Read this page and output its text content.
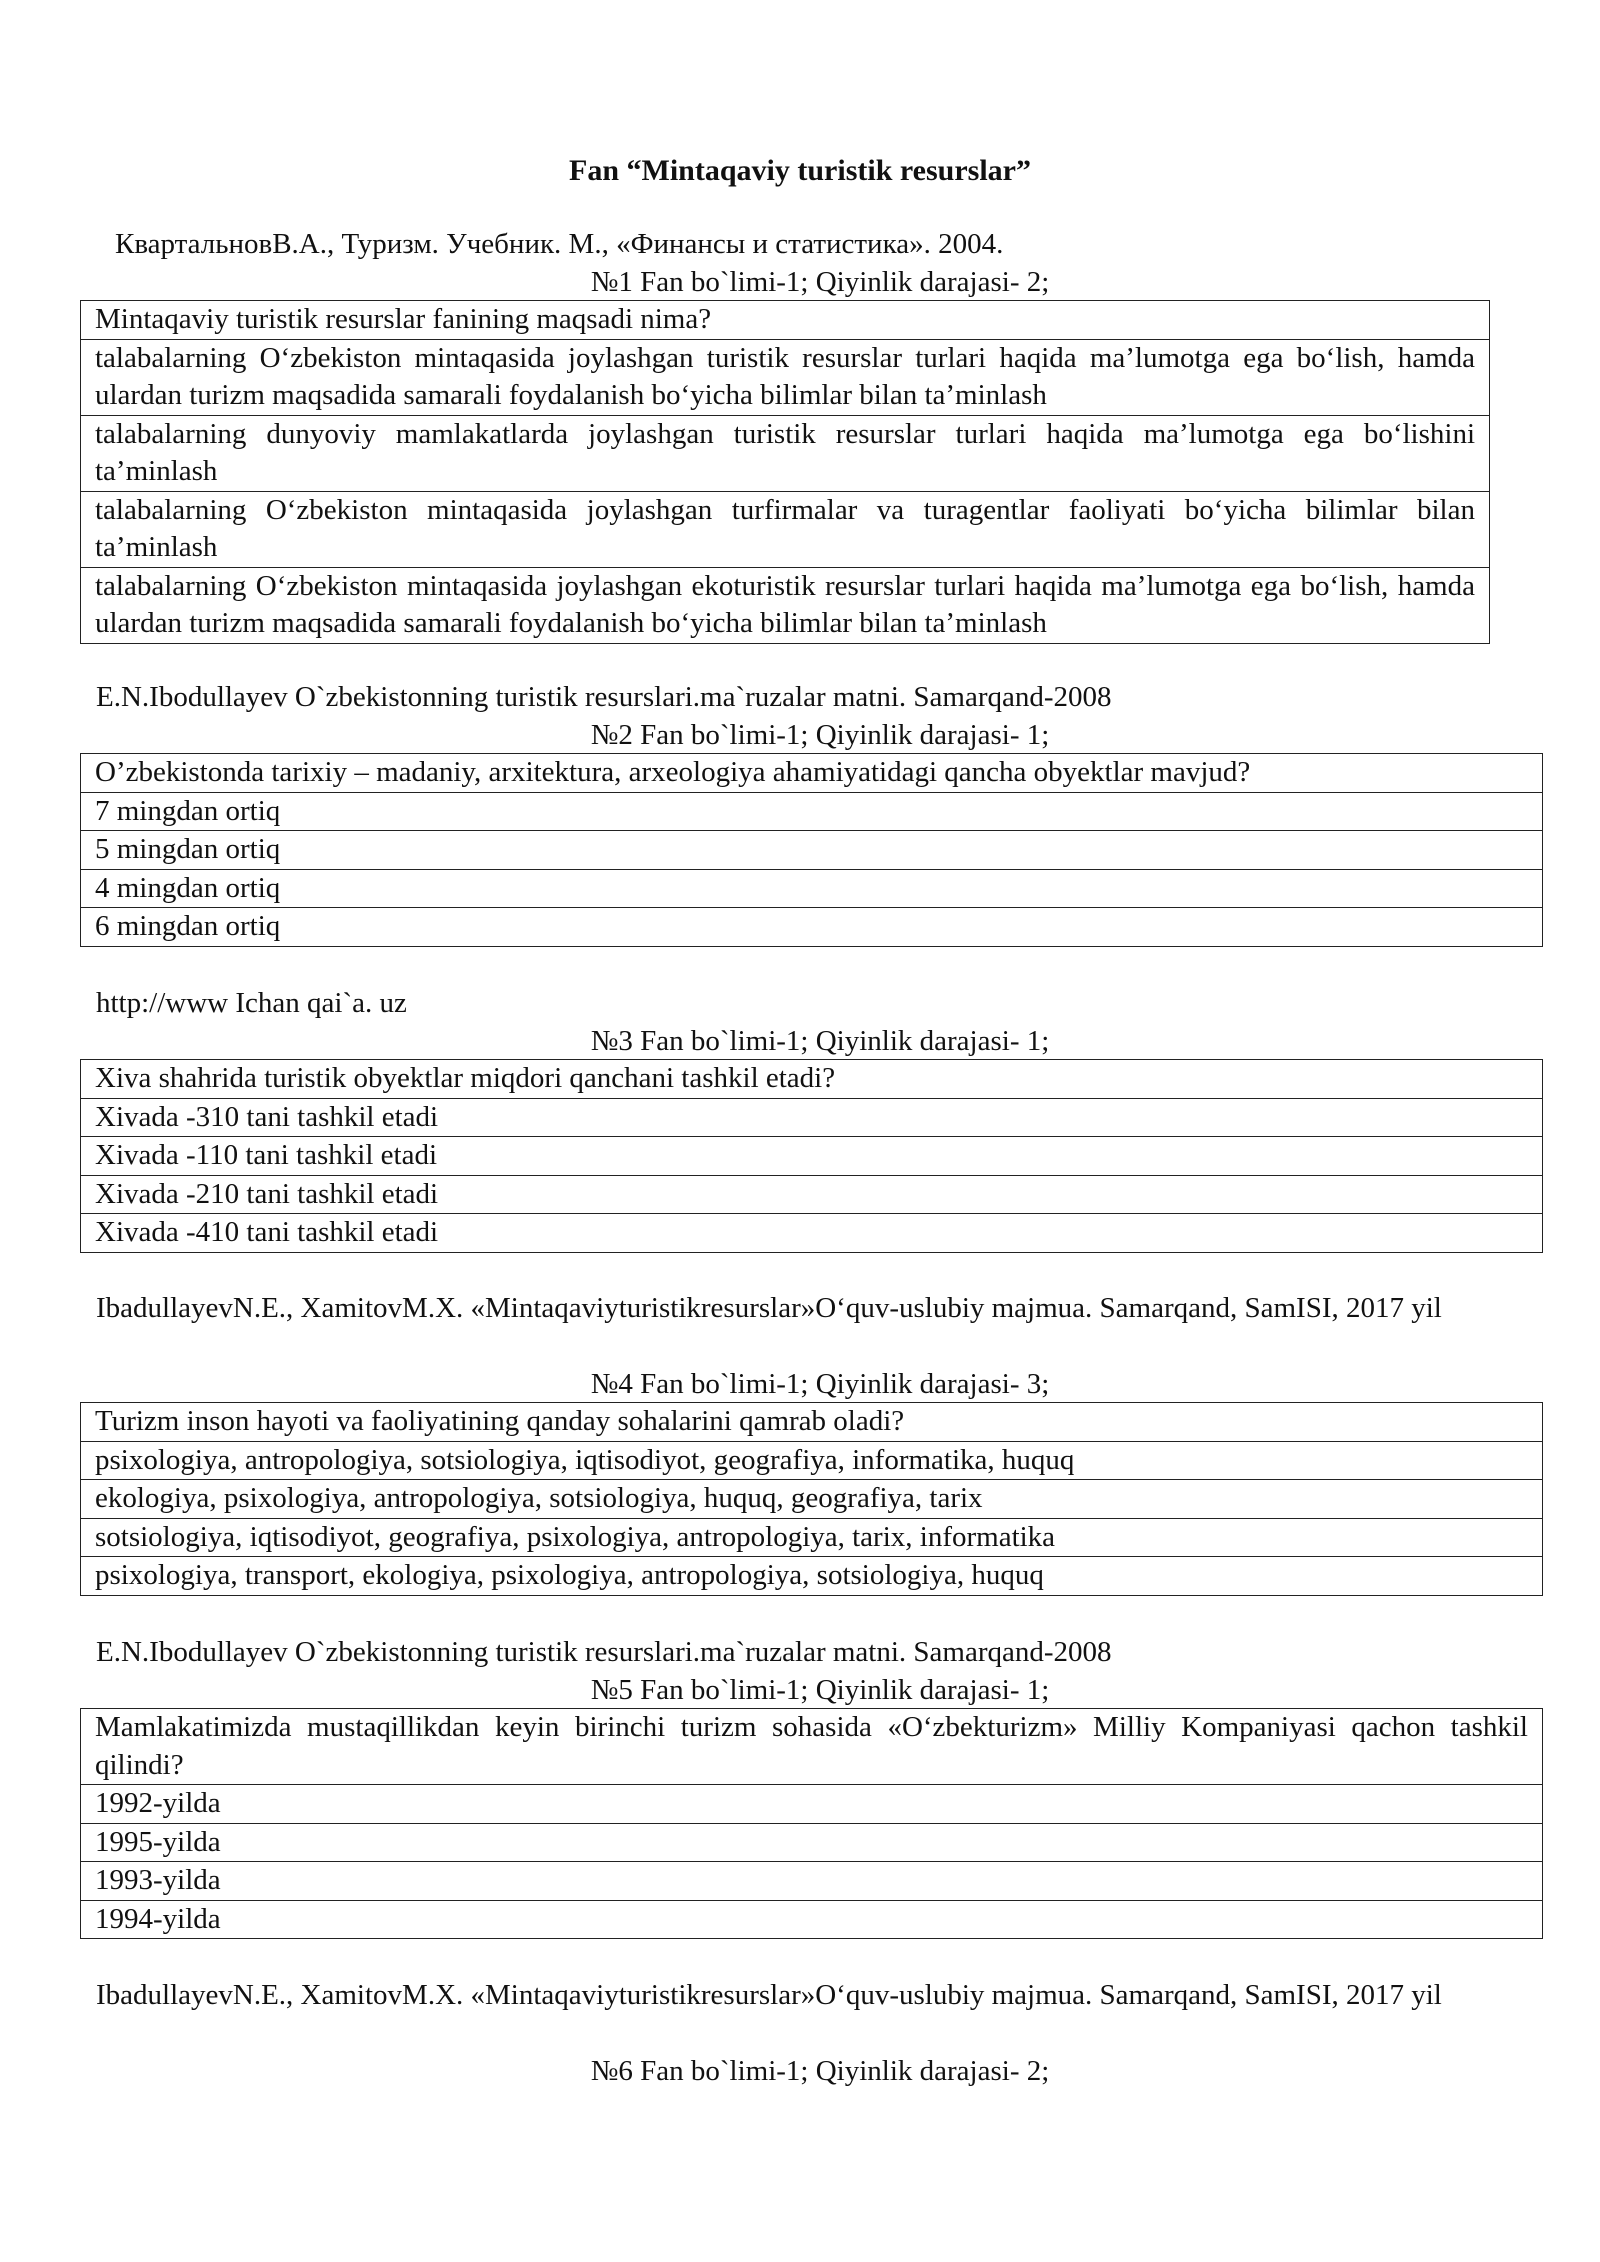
Fan “Mintaqaviy turistik resurslar”
КвартальновВ.А., Туризм. Учебник. М., «Финансы и статистика». 2004.
№1 Fan bo`limi-1; Qiyinlik darajasi- 2;
Mintaqaviy turistik resurslar fanining maqsadi nima?
talabalarning O‘zbekiston mintaqasida joylashgan turistik resurslar turlari haqida ma’lumotga ega bo‘lish, hamda ulardan turizm maqsadida samarali foydalanish bo‘yicha bilimlar bilan ta’minlash
talabalarning dunyoviy mamlakatlarda joylashgan turistik resurslar turlari haqida ma’lumotga ega bo‘lishini ta’minlash
talabalarning O‘zbekiston mintaqasida joylashgan turfirmalar va turagentlar faoliyati bo‘yicha bilimlar bilan ta’minlash
talabalarning O‘zbekiston mintaqasida joylashgan ekoturistik resurslar turlari haqida ma’lumotga ega bo‘lish, hamda ulardan turizm maqsadida samarali foydalanish bo‘yicha bilimlar bilan ta’minlash
E.N.Ibodullayev O`zbekistonning turistik resurslari.ma`ruzalar matni. Samarqand-2008
№2 Fan bo`limi-1; Qiyinlik darajasi- 1;
O’zbekistonda tarixiy – madaniy, arxitektura, arxeologiya ahamiyatidagi qancha obyektlar mavjud?
7 mingdan ortiq
5 mingdan ortiq
4 mingdan ortiq
6 mingdan ortiq
http://www Ichan qai`a. uz
№3 Fan bo`limi-1; Qiyinlik darajasi- 1;
Xiva shahrida turistik obyektlar miqdori qanchani tashkil etadi?
Xivada -310 tani tashkil etadi
Xivada -110 tani tashkil etadi
Xivada -210 tani tashkil etadi
Xivada -410 tani tashkil etadi
IbadullayevN.E., XamitovM.X. «Mintaqaviyturistikresurslar»O‘quv-uslubiy majmua. Samarqand, SamISI, 2017 yil
№4 Fan bo`limi-1; Qiyinlik darajasi- 3;
Turizm inson hayoti va faoliyatining qanday sohalarini qamrab oladi?
psixologiya, antropologiya, sotsiologiya, iqtisodiyot, geografiya, informatika, huquq
ekologiya, psixologiya, antropologiya, sotsiologiya, huquq, geografiya, tarix
sotsiologiya, iqtisodiyot, geografiya, psixologiya, antropologiya, tarix, informatika
psixologiya, transport, ekologiya, psixologiya, antropologiya, sotsiologiya, huquq
E.N.Ibodullayev O`zbekistonning turistik resurslari.ma`ruzalar matni. Samarqand-2008
№5 Fan bo`limi-1; Qiyinlik darajasi- 1;
Mamlakatimizda mustaqillikdan keyin birinchi turizm sohasida «O‘zbekturizm» Milliy Kompaniyasi qachon tashkil qilindi?
1992-yilda
1995-yilda
1993-yilda
1994-yilda
IbadullayevN.E., XamitovM.X. «Mintaqaviyturistikresurslar»O‘quv-uslubiy majmua. Samarqand, SamISI, 2017 yil
№6 Fan bo`limi-1; Qiyinlik darajasi- 2;
